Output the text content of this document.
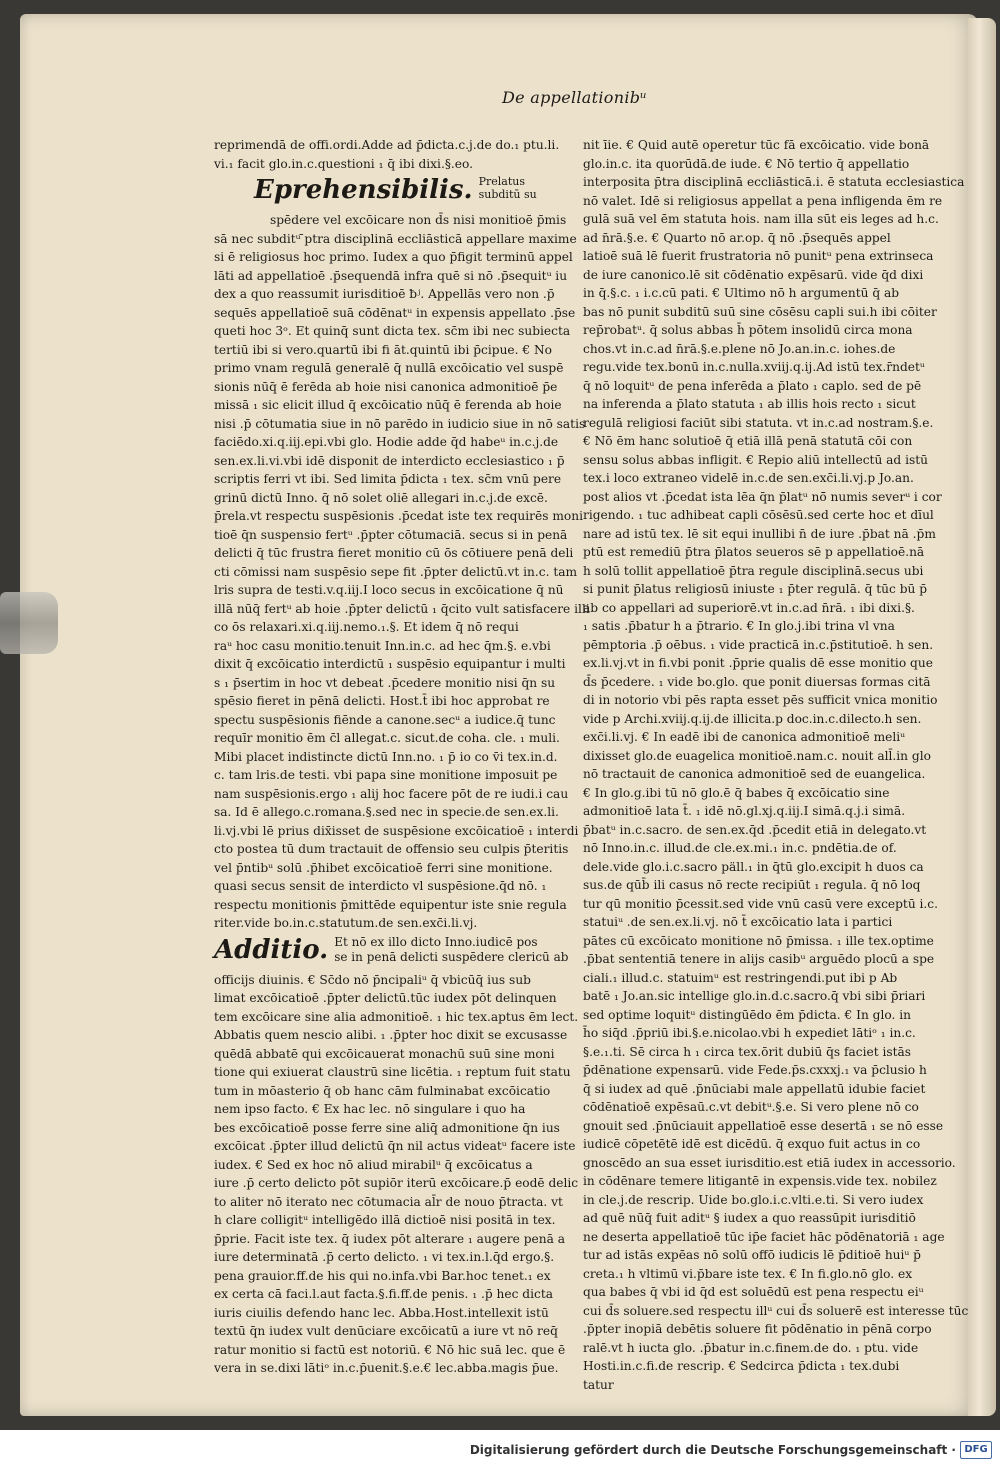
De appellationibᵘ
reprimendā de offi.ordi.Adde ad p̄dicta.c.j.de do.₁ ptu.li.
vi.₁ facit glo.in.c.questioni ₁ q̄ ibi dixi.§.eo.
Eprehensibilis. Prelatus
subditū su
spēdere vel excōicare non d̄s nisi monitioē p̄mis
sā nec subditᵘ ̄ptra disciplinā eccliāsticā appellare maxime
si ē religiosus hoc primo. Iudex a quo p̄figit terminū appel
lāti ad appellatioē .p̄sequendā infra quē si nō .p̄sequitᵘ iu
dex a quo reassumit iurisditioē ƀʲ. Appellās vero non .p̄
sequēs appellatioē suā cōdēnatᵘ in expensis appellato .p̄se
queti hoc 3ᵒ. Et quinq̄ sunt dicta tex. sc̄m ibi nec subiecta
tertiū ibi si vero.quartū ibi fi āt.quintū ibi p̄cipue. € No
primo vnam regulā generalē q̄ nullā excōicatio vel suspē
sionis nūq̄ ē ferēda ab hoie nisi canonica admonitioē p̄e
missā ₁ sic elicit illud q̄ excōicatio nūq̄ ē ferenda ab hoie
nisi .p̄ cōtumatia siue in nō parēdo in iudicio siue in nō satis
faciēdo.xi.q.iij.epi.vbi glo. Hodie adde q̄d habeᵘ in.c.j.de
sen.ex.li.vi.vbi idē disponit de interdicto ecclesiastico ₁ p̄
scriptis ferri vt ibi. Sed limita p̄dicta ₁ tex. sc̄m vnū pere
grinū dictū Inno. q̄ nō solet oliē allegari in.c.j.de excē.
p̄rela.vt respectu suspēsionis .p̄cedat iste tex requirēs moni
tioē q̄n suspensio fertᵘ .p̄pter cōtumaciā. secus si in penā
delicti q̄ tūc frustra fieret monitio cū ōs cōtiuere penā deli
cti cōmissi nam suspēsio sepe fit .p̄pter delictū.vt in.c. tam
lris supra de testi.v.q.iij.I loco secus in excōicatione q̄ nū
illā nūq̄ fertᵘ ab hoie .p̄pter delictū ₁ q̄cito vult satisfacere illi
co ōs relaxari.xi.q.iij.nemo.₁.§. Et idem q̄ nō requi
raᵘ hoc casu monitio.tenuit Inn.in.c. ad hec q̄m.§. e.vbi
dixit q̄ excōicatio interdictū ₁ suspēsio equipantur i multi
s ₁ p̄sertim in hoc vt debeat .p̄cedere monitio nisi q̄n su
spēsio fieret in pēnā delicti. Host.t̄ ibi hoc approbat re
spectu suspēsionis fiēnde a canone.secᵘ a iudice.q̄ tunc
requīr monitio ēm c̄l allegat.c. sicut.de coha. cle. ₁ muli.
Mibi placet indistincte dictū Inn.no. ₁ p̄ io co v̄i tex.in.d.
c. tam lris.de testi. vbi papa sine monitione imposuit pe
nam suspēsionis.ergo ₁ alij hoc facere pōt de re iudi.i cau
sa. Id ē allego.c.romana.§.sed nec in specie.de sen.ex.li.
li.vj.vbi lē prius dix̄isset de suspēsione excōicatioē ₁ interdi
cto postea tū dum tractauit de offensio seu culpis p̄teritis
vel p̄ntibᵘ solū .p̄hibet excōicatioē ferri sine monitione.
quasi secus sensit de interdicto vl suspēsione.q̄d nō. ₁
respectu monitionis p̄mittēde equipentur iste snie regula
riter.vide bo.in.c.statutum.de sen.exc̄i.li.vj.
Additio. Et nō ex illo dicto Inno.iudicē pos
se in penā delicti suspēdere clericū ab
officijs diuinis. € Sc̄do nō p̄ncipaliᵘ q̄ vbicūq̄ ius sub
limat excōicatioē .p̄pter delictū.tūc iudex pōt delinquen
tem excōicare sine alia admonitioē. ₁ hic tex.aptus ēm lect.
Abbatis quem nescio alibi. ₁ .p̄pter hoc dixit se excusasse
quēdā abbatē qui excōicauerat monachū suū sine moni
tione qui exiuerat claustrū sine licētia. ₁ reptum fuit statu
tum in mōasterio q̄ ob hanc cām fulminabat excōicatio
nem ipso facto. € Ex hac lec. nō singulare i quo ha
bes excōicatioē posse ferre sine aliq̄ admonitione q̄n ius
excōicat .p̄pter illud delictū q̄n nil actus videatᵘ facere iste
iudex. € Sed ex hoc nō aliud mirabilᵘ q̄ excōicatus a
iure .p̄ certo delicto pōt supiōr iterū excōicare.p̄ eodē delic
to aliter nō iterato nec cōtumacia al̄r de nouo p̄tracta. vt
h clare colligitᵘ intelligēdo illā dictioē nisi positā in tex.
p̄prie. Facit iste tex. q̄ iudex pōt alterare ₁ augere penā a
iure determinatā .p̄ certo delicto. ₁ vi tex.in.l.q̄d ergo.§.
pena grauior.ff.de his qui no.infa.vbi Bar.hoc tenet.₁ ex
ex certa cā faci.l.aut facta.§.fi.ff.de penis. ₁ .p̄ hec dicta
iuris ciuilis defendo hanc lec. Abba.Host.intellexit istū
textū q̄n iudex vult denūciare excōicatū a iure vt nō req̄
ratur monitio si factū est notoriū. € Nō hic suā lec. que ē
vera in se.dixi lātiᵒ in.c.p̄uenit.§.e.€ lec.abba.magis p̄ue.
nit īie. € Quid autē operetur tūc fā excōicatio. vide bonā
glo.in.c. ita quorūdā.de iude. € Nō tertio q̄ appellatio
interposita p̄tra disciplinā eccliāsticā.i. ē statuta ecclesiastica
nō valet. Idē si religiosus appellat a pena infligenda ēm re
gulā suā vel ēm statuta hois. nam illa sūt eis leges ad h.c.
ad n̄rā.§.e. € Quarto nō ar.op. q̄ nō .p̄sequēs appel
latioē suā lē fuerit frustratoria nō punitᵘ pena extrinseca
de iure canonico.lē sit cōdēnatio expēsarū. vide q̄d dixi
in q̄.§.c. ₁ i.c.cū pati. € Ultimo nō h argumentū q̄ ab
bas nō punit subditū suū sine cōsēsu capli sui.h ibi cōiter
rep̄robatᵘ. q̄ solus abbas h̄ pōtem insolidū circa mona
chos.vt in.c.ad n̄rā.§.e.plene nō Jo.an.in.c. iohes.de
regu.vide tex.bonū in.c.nulla.xviij.q.ij.Ad istū tex.r̄ndetᵘ
q̄ nō loquitᵘ de pena inferēda a p̄lato ₁ caplo. sed de pē
na inferenda a p̄lato statuta ₁ ab illis hois recto ₁ sicut
regulā religiosi faciūt sibi statuta. vt in.c.ad nostram.§.e.
€ Nō ēm hanc solutioē q̄ etiā illā penā statutā cōi con
sensu solus abbas infligit. € Repio aliū intellectū ad istū
tex.i loco extraneo videlē in.c.de sen.exc̄i.li.vj.p Jo.an.
post alios vt .p̄cedat ista lēa q̄n p̄latᵘ nō̄ numis severᵘ i cor
rigendo. ₁ tuc adhibeat capli cōsēsū.sed certe hoc et dīul
nare ad istū tex. lē sit equi inullibi n̄ de iure .p̄bat nā .p̄m
ptū est remediū p̄tra p̄latos seueros sē p appellatioē.nā
h solū tollit appellatioē p̄tra regule disciplinā.secus ubi
si punit p̄latus religiosū iniuste ₁ p̄ter regulā. q̄ tūc bū p̄
ab co appellari ad superiorē.vt in.c.ad n̄rā. ₁ ibi dixi.§.
₁ satis .p̄batur h a p̄trario. € In glo.j.ibi trina vl vna
pēmptoria .p̄ oēbus. ₁ vide practicā in.c.p̄stitutioē. h sen.
ex.li.vj.vt in fi.vbi ponit .p̄prie qualis dē esse monitio que
d̄s p̄cedere. ₁ vide bo.glo. que ponit diuersas formas citā
di in notorio vbi pēs rapta esset pēs sufficit vnica monitio
vide p Archi.xviij.q.ij.de illicita.p doc.in.c.dilecto.h sen.
exc̄i.li.vj. € In eadē ibi de canonica admonitioē meliᵘ
dixisset glo.de euagelica monitioē.nam.c. nouit all̄.in glo
nō tractauit de canonica admonitioē sed de euangelica.
€ In glo.g.ibi tū nō glo.ē q̄ babes q̄ excōicatio sine
admonitioē lata t̄. ₁ idē nō.gl.xj.q.iij.I simā.q.j.i simā.
p̄batᵘ in.c.sacro. de sen.ex.q̄d .p̄cedit etiā in delegato.vt
nō Inno.in.c. illud.de cle.ex.mi.₁ in.c. pndētia.de of.
dele.vide glo.i.c.sacro päll.₁ in q̄tū glo.excipit h duos ca
sus.de qūb̄ ili casus nō recte recipiūt ₁ regula. q̄ nō loq
tur qū monitio p̄cessit.sed vide vnū casū vere exceptū i.c.
statuiᵘ .de sen.ex.li.vj. nō t̄ excōicatio lata i partici
pātes cū excōicato monitione nō p̄missa. ₁ ille tex.optime
.p̄bat sententiā tenere in alijs casibᵘ arguēdo plocū a spe
ciali.₁ illud.c. statuimᵘ est restringendi.put ibi p Ab
batē ₁ Jo.an.sic intellige glo.in.d.c.sacro.q̄ vbi sibi p̄riari
sed optime loquitᵘ distingūēdo ēm p̄dicta. € In glo. in
h̄o siq̄d .p̄priū ibi.§.e.nicolao.vbi h expediet lātiᵒ ₁ in.c.
§.e.₁.ti. Sē circa h ₁ circa tex.ōrit dubiū q̄s faciet istās
p̄dēnatione expensarū. vide Fede.p̄s.cxxxj.₁ va p̄clusio h
q̄ si iudex ad quē .p̄nūciabi male appellatū idubie faciet
cōdēnatioē expēsaū.c.vt debitᵘ.§.e. Si vero plene nō co
gnouit sed .p̄nūciauit appellatioē esse desertā ₁ se nō esse
iudicē cōpetētē idē est dicēdū. q̄ exquo fuit actus in co
gnoscēdo an sua esset iurisditio.est etiā iudex in accessorio.
in cōdēnare temere litigantē in expensis.vide tex. nobilez
in cle.j.de rescrip. Uide bo.glo.i.c.vlti.e.ti. Si vero iudex
ad quē nūq̄ fuit aditᵘ § iudex a quo reassūpit iurisditiō
ne deserta appellatioē tūc ip̄e faciet hāc pōdēnatoriā ₁ age
tur ad istās expēas nō solū offō iudicis lē p̄ditioē huiᵘ p̄
creta.₁ h vltimū vi.p̄bare iste tex. € In fi.glo.nō glo. ex
qua babes q̄ vbi id q̄d est soluēdū est pena respectu eiᵘ
cui d̄s soluere.sed respectu illᵘ cui d̄s soluerē est interesse tūc
.p̄pter inopiā debētis soluere fit pōdēnatio in pēnā corpo
ralē.vt h iucta glo. .p̄batur in.c.finem.de do. ₁ ptu. vide
Hosti.in.c.fi.de rescrip. € Sedcirca p̄dicta ₁ tex.dubi
tatur
Digitalisierung gefördert durch die Deutsche Forschungsgemeinschaft · DFG
